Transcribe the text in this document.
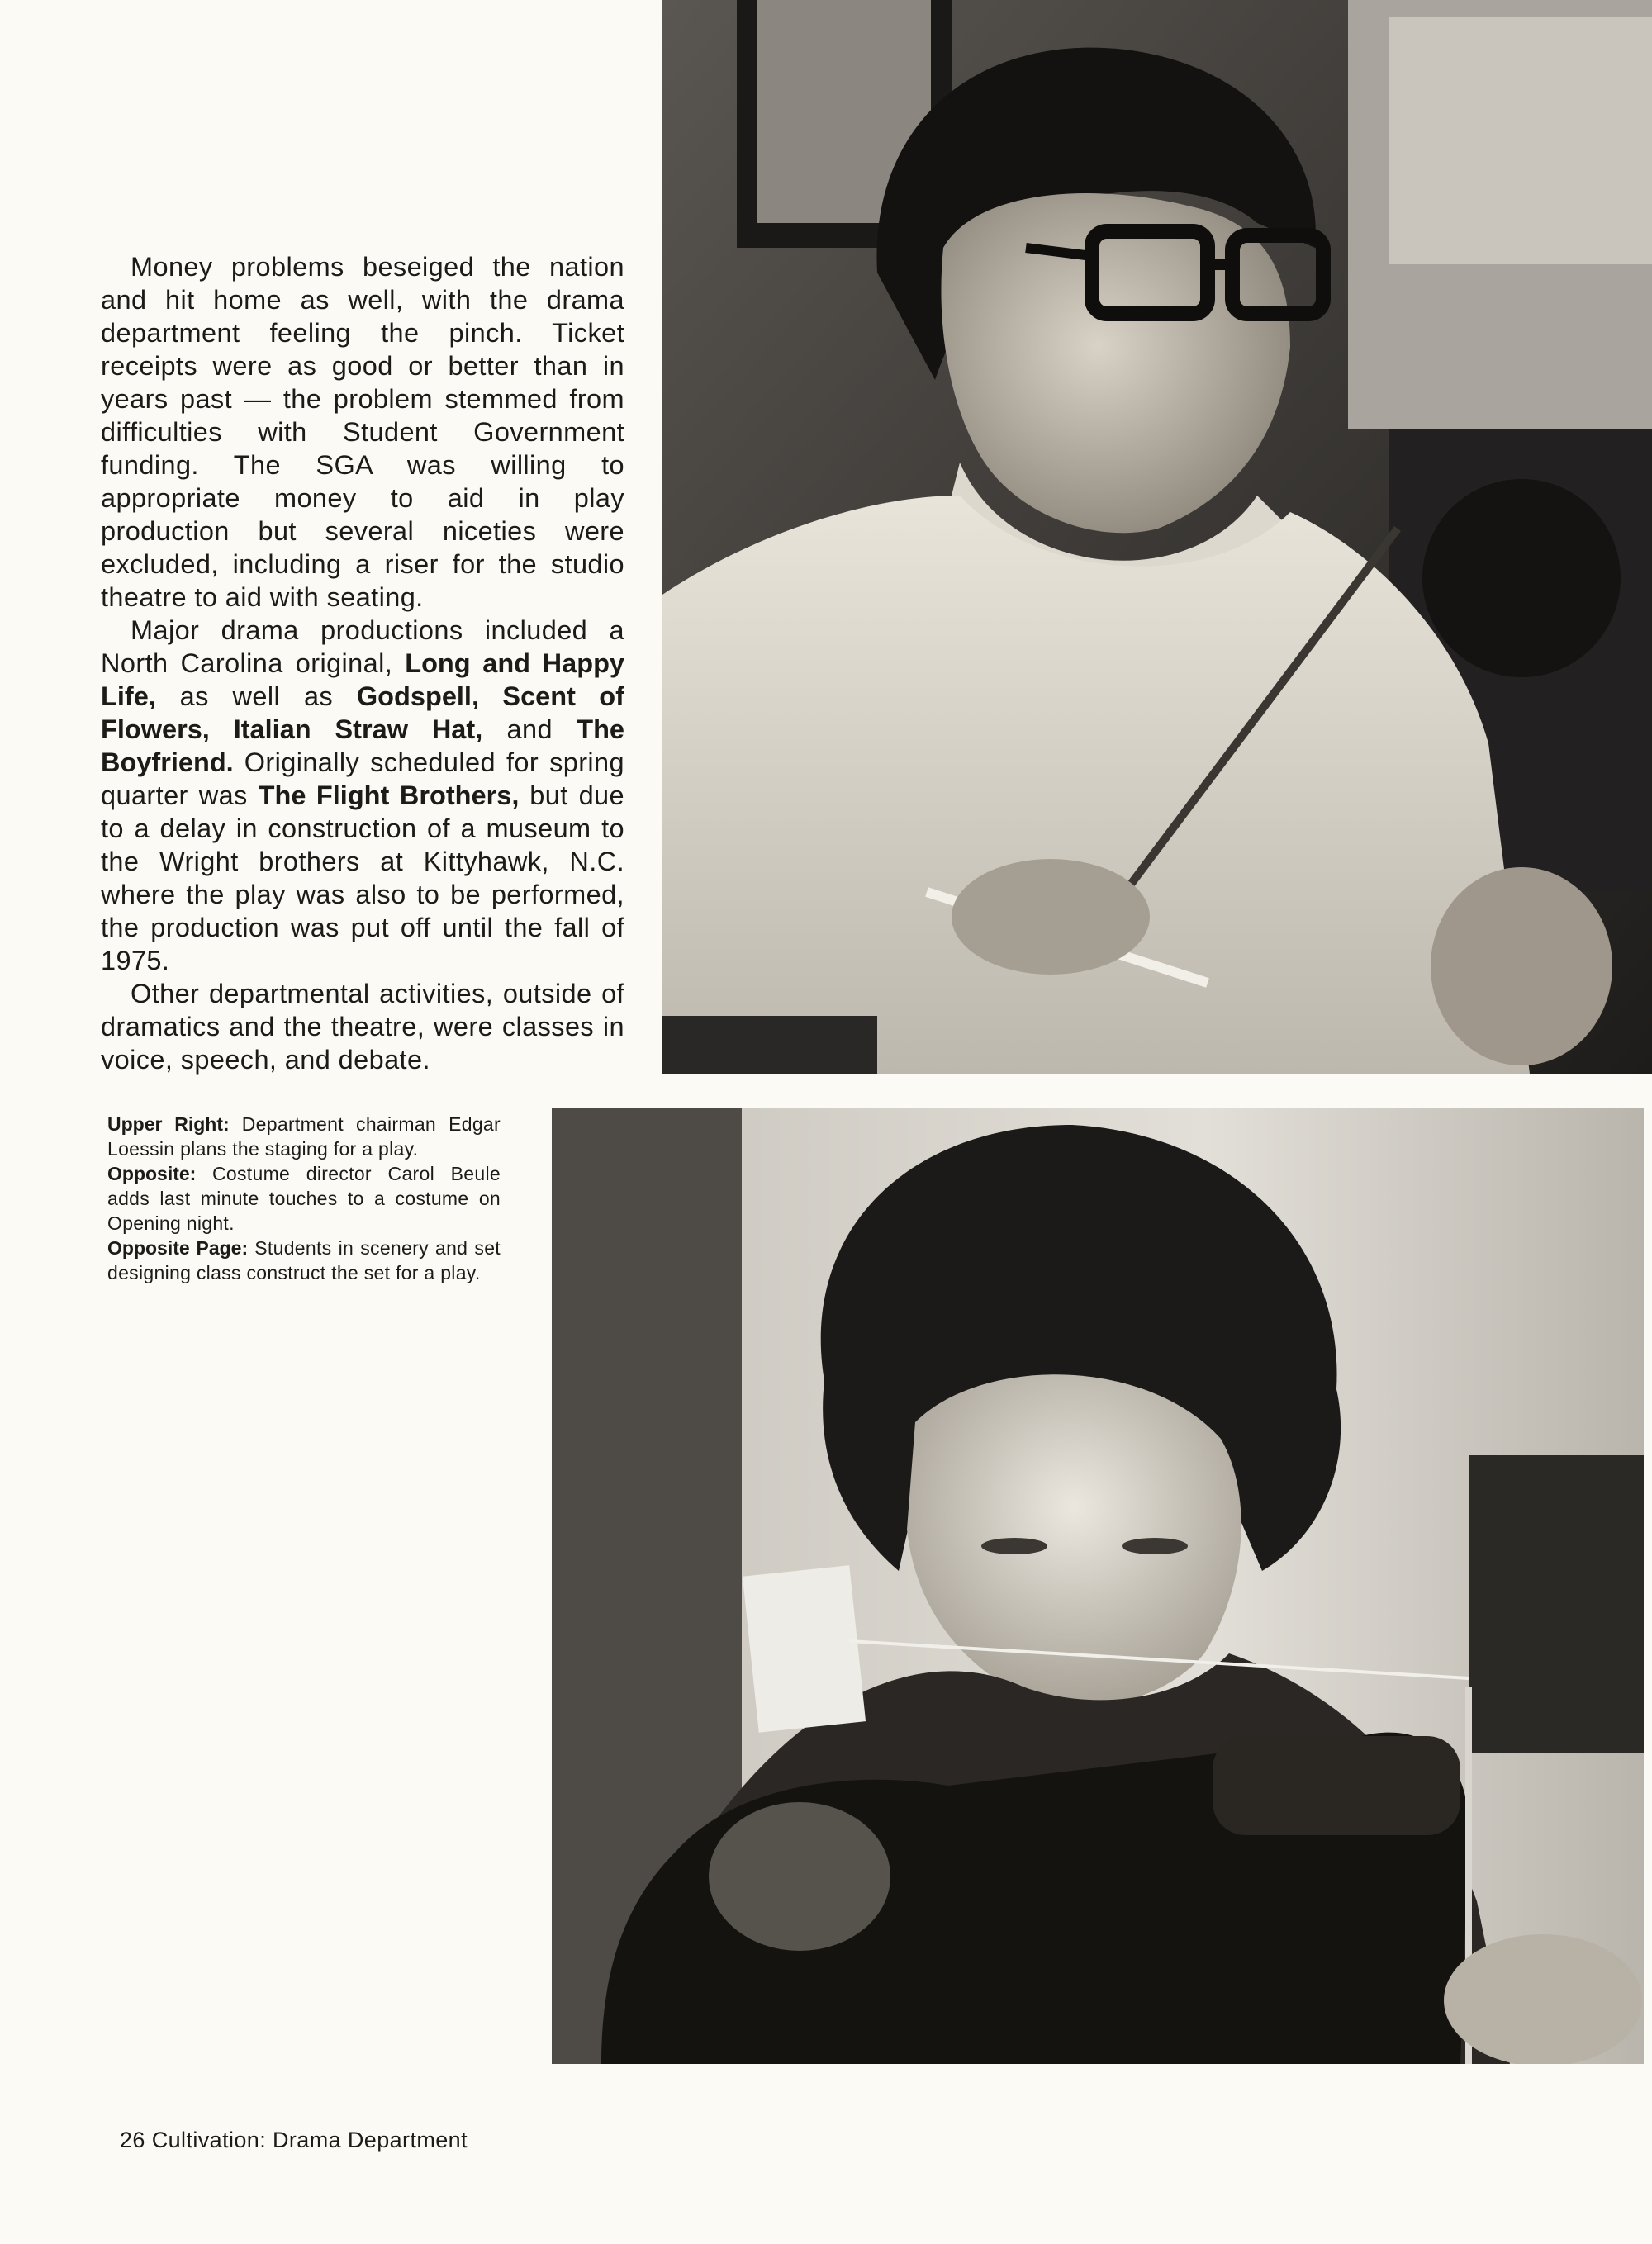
Money problems beseiged the nation and hit home as well, with the drama department feeling the pinch. Ticket receipts were as good or better than in years past — the problem stemmed from difficulties with Student Government funding. The SGA was willing to appropriate money to aid in play production but several niceties were excluded, including a riser for the studio theatre to aid with seating.

Major drama productions included a North Carolina original, Long and Happy Life, as well as Godspell, Scent of Flowers, Italian Straw Hat, and The Boyfriend. Originally scheduled for spring quarter was The Flight Brothers, but due to a delay in construction of a museum to the Wright brothers at Kittyhawk, N.C. where the play was also to be performed, the production was put off until the fall of 1975.

Other departmental activities, outside of dramatics and the theatre, were classes in voice, speech, and debate.

Upper Right: Department chairman Edgar Loessin plans the staging for a play.

Opposite: Costume director Carol Beule adds last minute touches to a costume on Opening night.

Opposite Page: Students in scenery and set designing class construct the set for a play.

26 Cultivation: Drama Department
